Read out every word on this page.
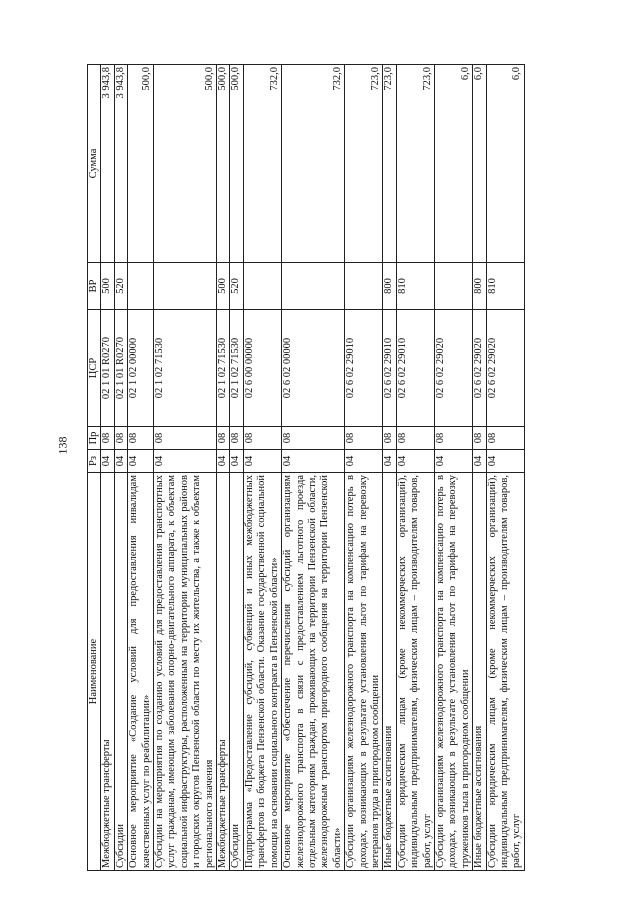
138
Наименование	Рз	Пр	ЦСР	ВР	Сумма
Межбюджетные трансферты	04	08	02 1 01 R0270	500	3 943,8
Субсидии	04	08	02 1 01 R0270	520	3 943,8
Основное мероприятие «Создание условий для предоставления инвалидам качественных услуг по реабилитации»	04	08	02 1 02 00000		500,0
Субсидии на мероприятия по созданию условий для предоставления транспортных услуг гражданам, имеющим заболевания опорно-двигательного аппарата, к объектам социальной инфраструктуры, расположенным на территории муниципальных районов и городских округов Пензенской области по месту их жительства, а также к объектам регионального значения	04	08	02 1 02 71530		500,0
Межбюджетные трансферты	04	08	02 1 02 71530	500	500,0
Субсидии	04	08	02 1 02 71530	520	500,0
Подпрограмма «Предоставление субсидий, субвенций и иных межбюджетных трансфертов из бюджета Пензенской области. Оказание государственной социальной помощи на основании социального контракта в Пензенской области»	04	08	02 6 00 00000		732,0
Основное мероприятие «Обеспечение перечисления субсидий организациям железнодорожного транспорта в связи с предоставлением льготного проезда отдельным категориям граждан, проживающих на территории Пензенской области, железнодорожным транспортом пригородного сообщения на территории Пензенской области»	04	08	02 6 02 00000		732,0
Субсидии организациям железнодорожного транспорта на компенсацию потерь в доходах, возникающих в результате установления льгот по тарифам на перевозку ветеранов труда в пригородном сообщении	04	08	02 6 02 29010		723,0
Иные бюджетные ассигнования	04	08	02 6 02 29010	800	723,0
Субсидии юридическим лицам (кроме некоммерческих организаций), индивидуальным предпринимателям, физическим лицам – производителям товаров, работ, услуг	04	08	02 6 02 29010	810	723,0
Субсидии организациям железнодорожного транспорта на компенсацию потерь в доходах, возникающих в результате установления льгот по тарифам на перевозку тружеников тыла в пригородном сообщении	04	08	02 6 02 29020		6,0
Иные бюджетные ассигнования	04	08	02 6 02 29020	800	6,0
Субсидии юридическим лицам (кроме некоммерческих организаций), индивидуальным предпринимателям, физическим лицам – производителям товаров, работ, услуг	04	08	02 6 02 29020	810	6,0
